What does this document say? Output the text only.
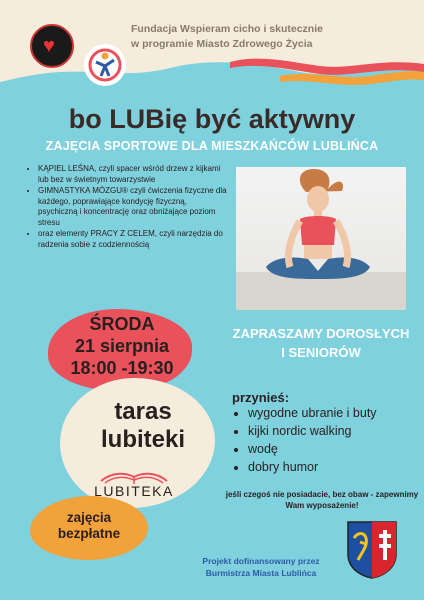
♥
Fundacja Wspieram cicho i skutecznie
w programie Miasto Zdrowego Życia
bo LUBię być aktywny
ZAJĘCIA SPORTOWE DLA MIESZKAŃCÓW LUBLIŃCA
• KĄPIEL LEŚNA, czyli spacer wśród drzew z kijkami lub bez w świetnym towarzystwie
• GIMNASTYKA MÓZGU® czyli ćwiczenia fizyczne dla każdego, poprawiające kondycję fizyczną, psychiczną i koncentrację oraz obniżające poziom stresu
• oraz elementy PRACY Z CELEM, czyli narzędzia do radzenia sobie z codziennością
ZAPRASZAMY DOROSŁYCH
I SENIORÓW
ŚRODA
21 sierpnia
18:00 -19:30
taras
lubiteki
LUBITEKA
zajęcia
bezpłatne
przynieś:
• wygodne ubranie i buty
• kijki nordic walking
• wodę
• dobry humor
jeśli czegoś nie posiadacie, bez obaw - zapewnimy Wam wyposażenie!
Projekt dofinansowany przez
Burmistrza Miasta Lublińca
